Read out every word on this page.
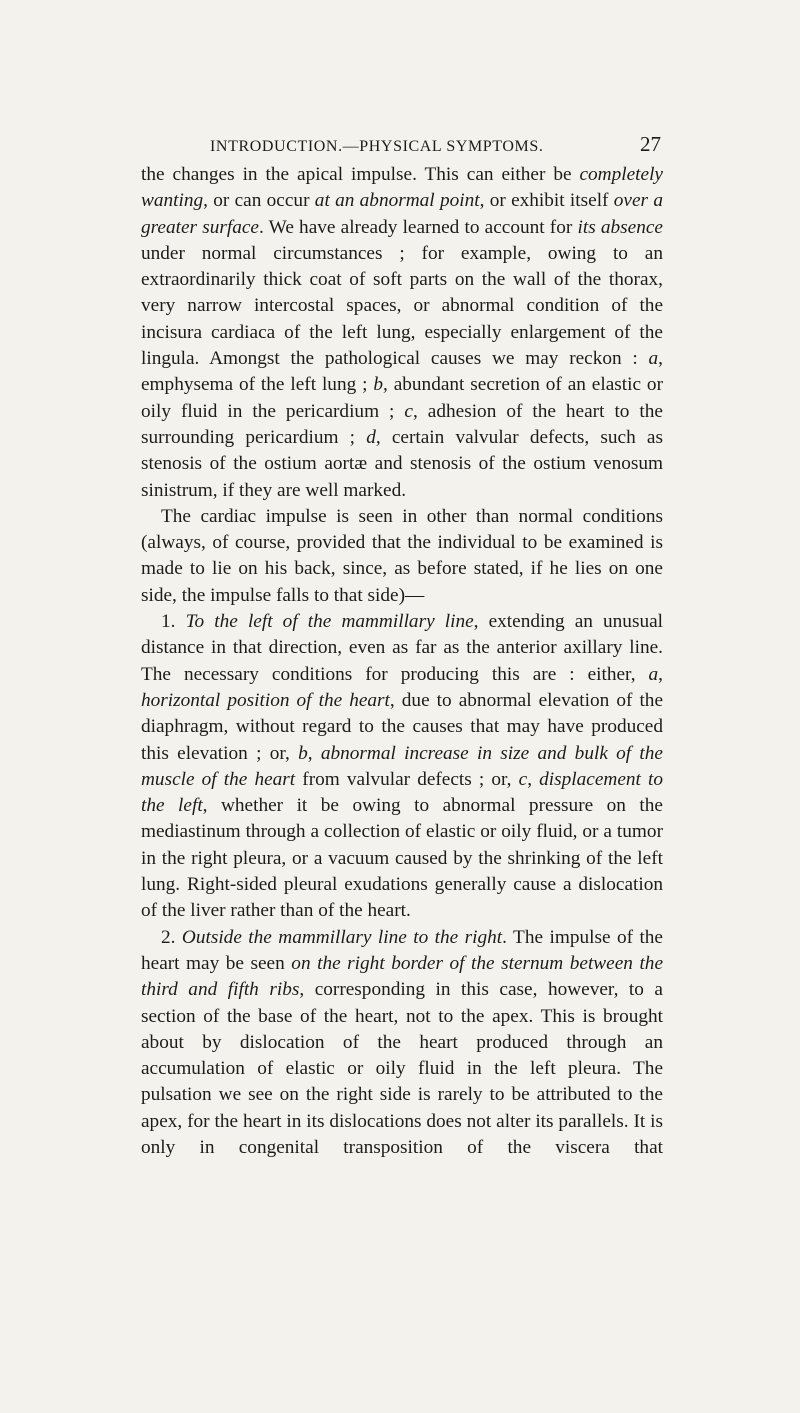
INTRODUCTION.—PHYSICAL SYMPTOMS.	27

the changes in the apical impulse. This can either be completely wanting, or can occur at an abnormal point, or exhibit itself over a greater surface. We have already learned to account for its absence under normal circumstances ; for example, owing to an extraordinarily thick coat of soft parts on the wall of the thorax, very narrow intercostal spaces, or abnormal condition of the incisura cardiaca of the left lung, especially enlargement of the lingula. Amongst the pathological causes we may reckon : a, emphysema of the left lung ; b, abundant secretion of an elastic or oily fluid in the pericardium ; c, adhesion of the heart to the surrounding pericardium ; d, certain valvular defects, such as stenosis of the ostium aortæ and stenosis of the ostium venosum sinistrum, if they are well marked.

The cardiac impulse is seen in other than normal conditions (always, of course, provided that the individual to be examined is made to lie on his back, since, as before stated, if he lies on one side, the impulse falls to that side)—

1. To the left of the mammillary line, extending an unusual distance in that direction, even as far as the anterior axillary line. The necessary conditions for producing this are : either, a, horizontal position of the heart, due to abnormal elevation of the diaphragm, without regard to the causes that may have produced this elevation ; or, b, abnormal increase in size and bulk of the muscle of the heart from valvular defects ; or, c, displacement to the left, whether it be owing to abnormal pressure on the mediastinum through a collection of elastic or oily fluid, or a tumor in the right pleura, or a vacuum caused by the shrinking of the left lung. Right-sided pleural exudations generally cause a dislocation of the liver rather than of the heart.

2. Outside the mammillary line to the right. The impulse of the heart may be seen on the right border of the sternum between the third and fifth ribs, corresponding in this case, however, to a section of the base of the heart, not to the apex. This is brought about by dislocation of the heart produced through an accumulation of elastic or oily fluid in the left pleura. The pulsation we see on the right side is rarely to be attributed to the apex, for the heart in its dislocations does not alter its parallels. It is only in congenital transposition of the viscera that
